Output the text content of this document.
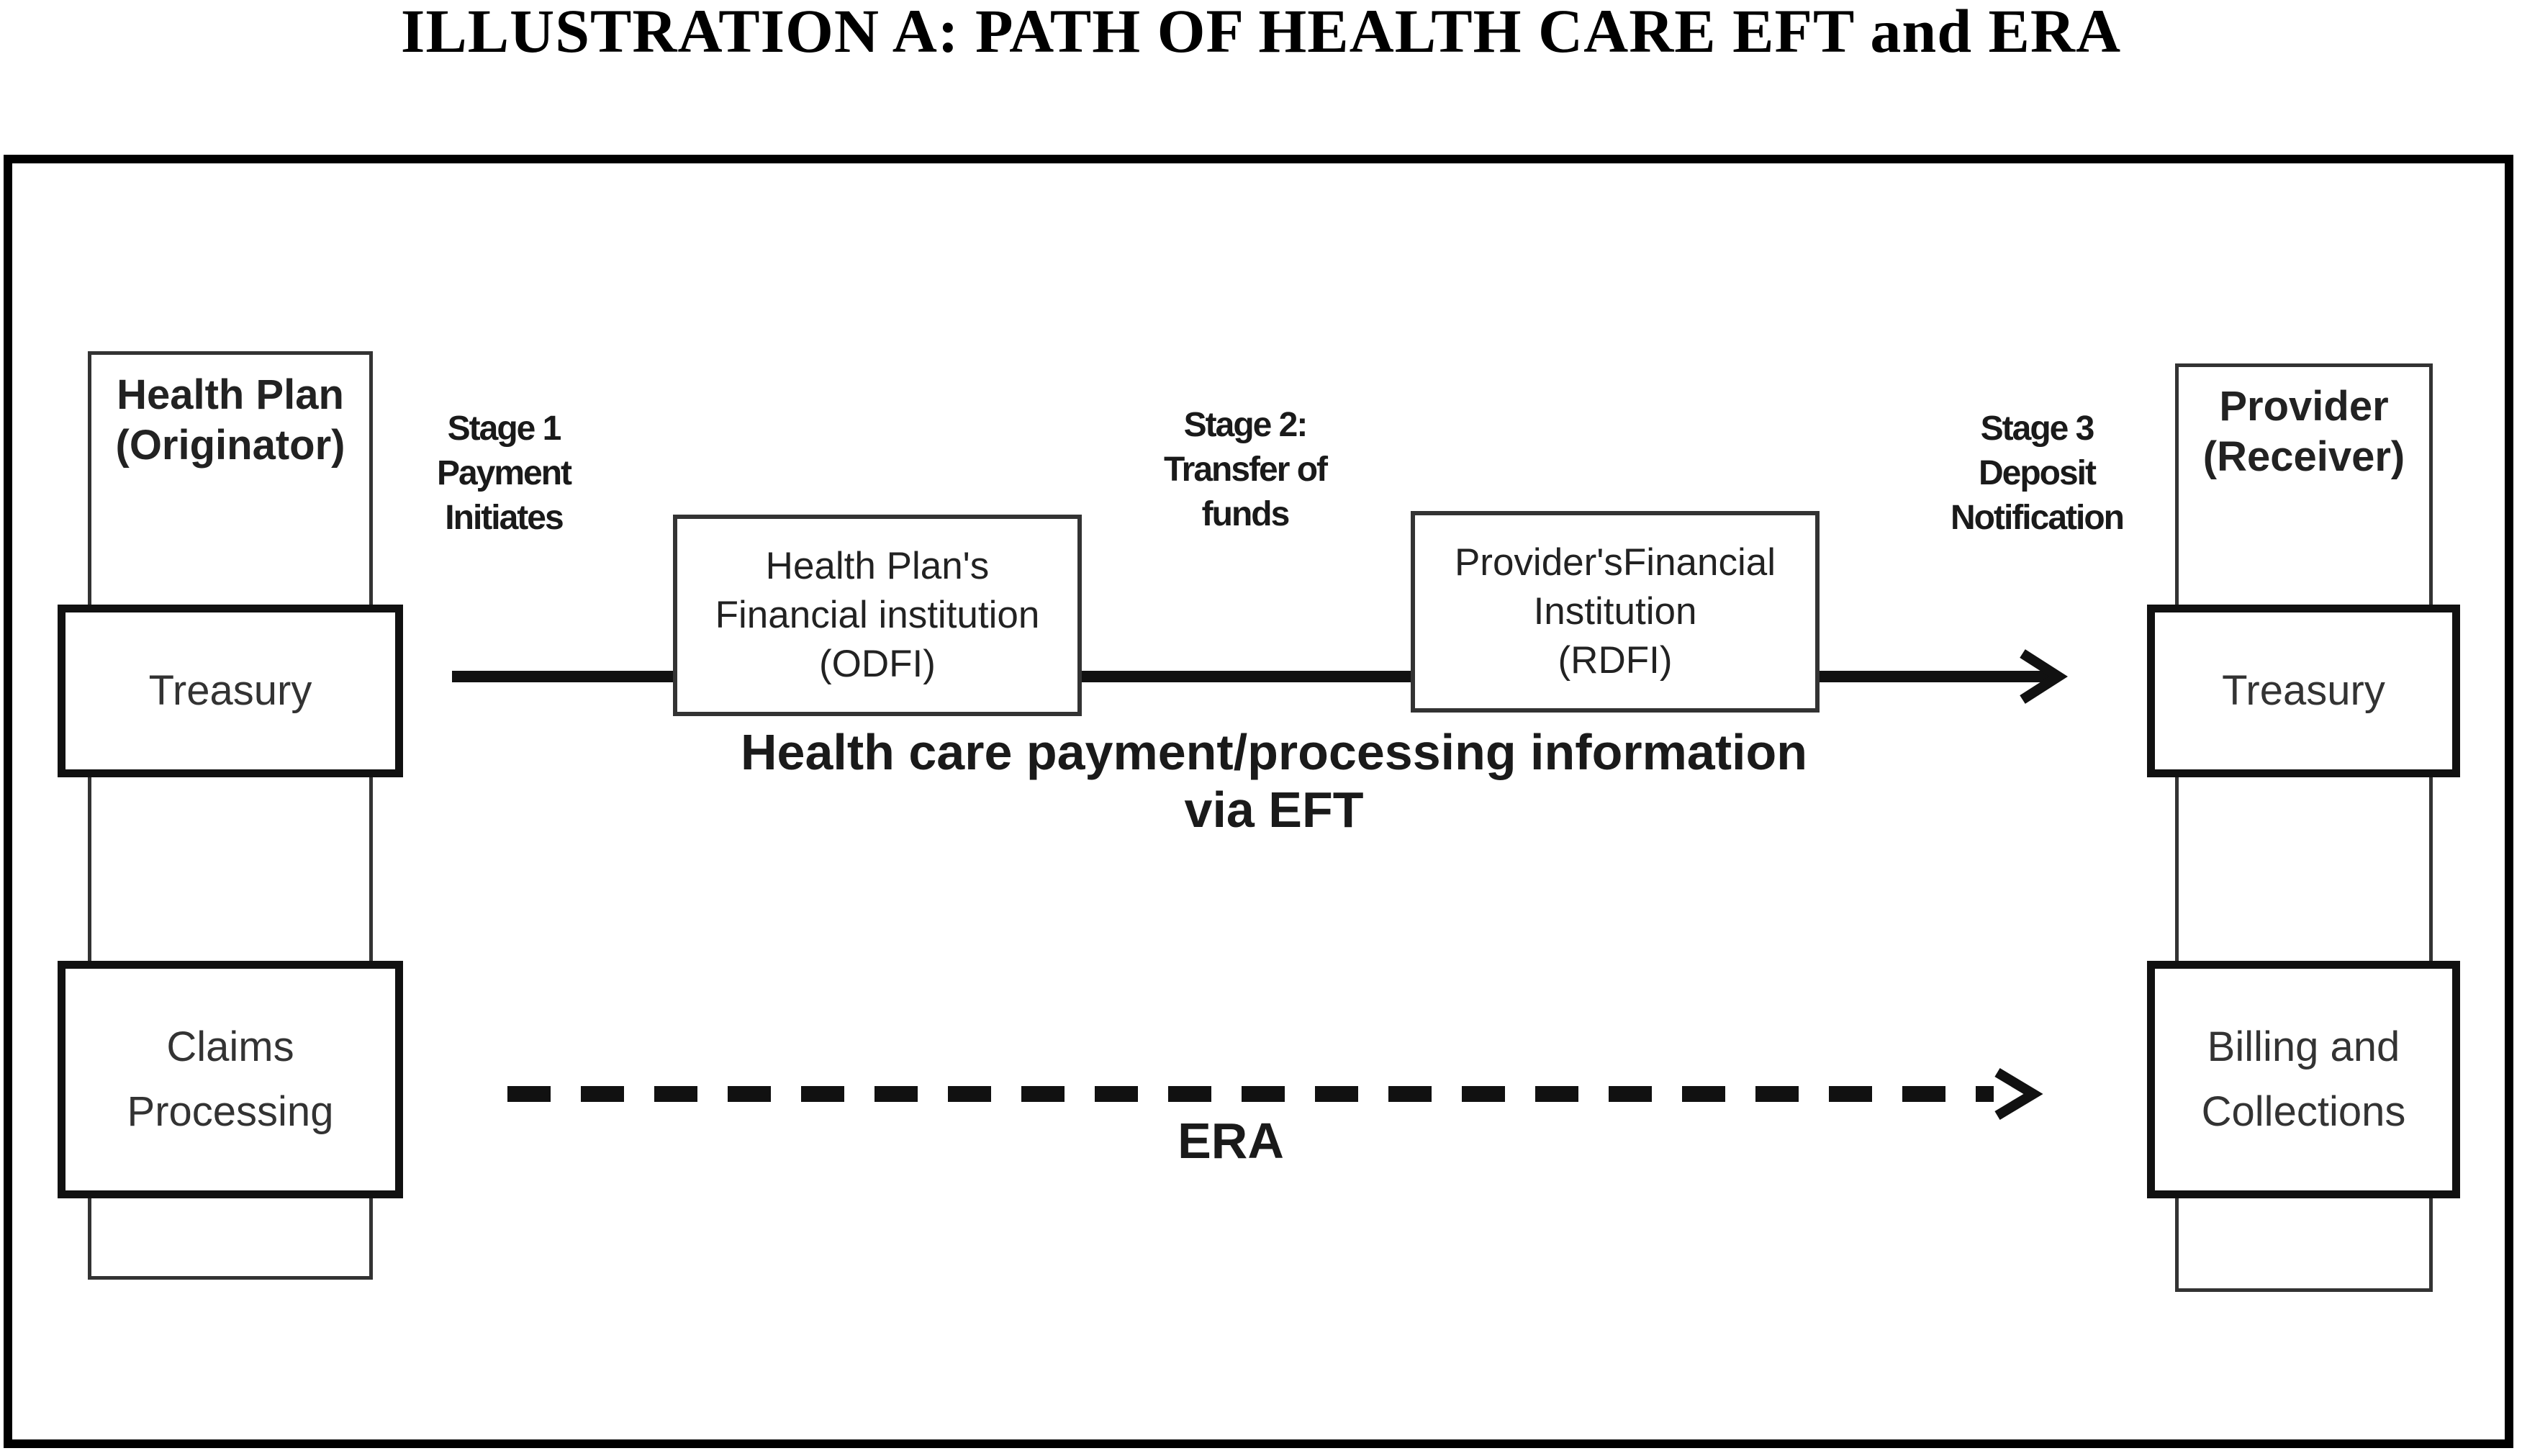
ILLUSTRATION A: PATH OF HEALTH CARE EFT and ERA
Health Plan
(Originator)
Treasury
Claims
Processing
Provider
(Receiver)
Treasury
Billing and
Collections
Stage 1
Payment
Initiates
Stage 2:
Transfer of
funds
Stage 3
Deposit
Notification
Health Plan's
Financial institution
(ODFI)
Provider'sFinancial
Institution
(RDFI)
Health care payment/processing information
via EFT
ERA
